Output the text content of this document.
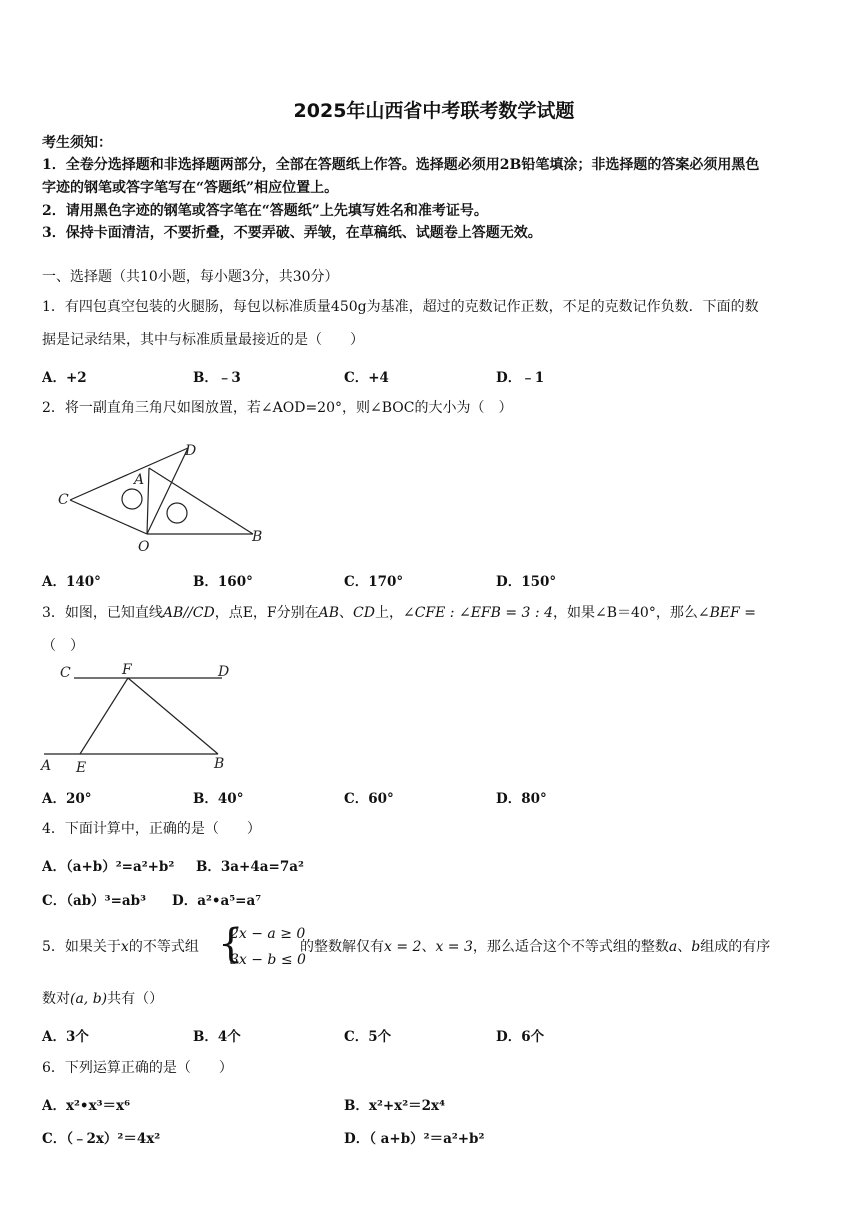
2025年山西省中考联考数学试题
考生须知：
1．全卷分选择题和非选择题两部分，全部在答题纸上作答。选择题必须用2B铅笔填涂；非选择题的答案必须用黑色
字迹的钢笔或答字笔写在“答题纸”相应位置上。
2．请用黑色字迹的钢笔或答字笔在“答题纸”上先填写姓名和准考证号。
3．保持卡面清洁，不要折叠，不要弄破、弄皱，在草稿纸、试题卷上答题无效。
一、选择题（共10小题，每小题3分，共30分）
1．有四包真空包装的火腿肠，每包以标准质量450g为基准，超过的克数记作正数，不足的克数记作负数．下面的数
据是记录结果，其中与标准质量最接近的是（　　）
A．+2	B．﹣3	C．+4	D．﹣1
2．将一副直角三角尺如图放置，若∠AOD=20°，则∠BOC的大小为（　）
C
A
D
O
B
A．140°	B．160°	C．170°	D．150°
3．如图，已知直线AB//CD，点E，F分别在AB、CD上，∠CFE : ∠EFB = 3 : 4，如果∠B＝40°，那么∠BEF =
（　）
C	F	D
A E	B
A．20°	B．40°	C．60°	D．80°
4．下面计算中，正确的是（　　）
A．（a+b）²=a²+b² B．3a+4a=7a²
C．（ab）³=ab³ D．a²•a⁵=a⁷
5．如果关于x的不等式组 {
2x − a ≥ 0
3x − b ≤ 0
的整数解仅有x = 2、x = 3，那么适合这个不等式组的整数a、b组成的有序
数对(a, b)共有（）
A．3个	B．4个	C．5个	D．6个
6．下列运算正确的是（　　）
A．x²•x³＝x⁶	B．x²+x²＝2x⁴
C．（﹣2x）²＝4x²	D．（ a+b）²＝a²+b²
